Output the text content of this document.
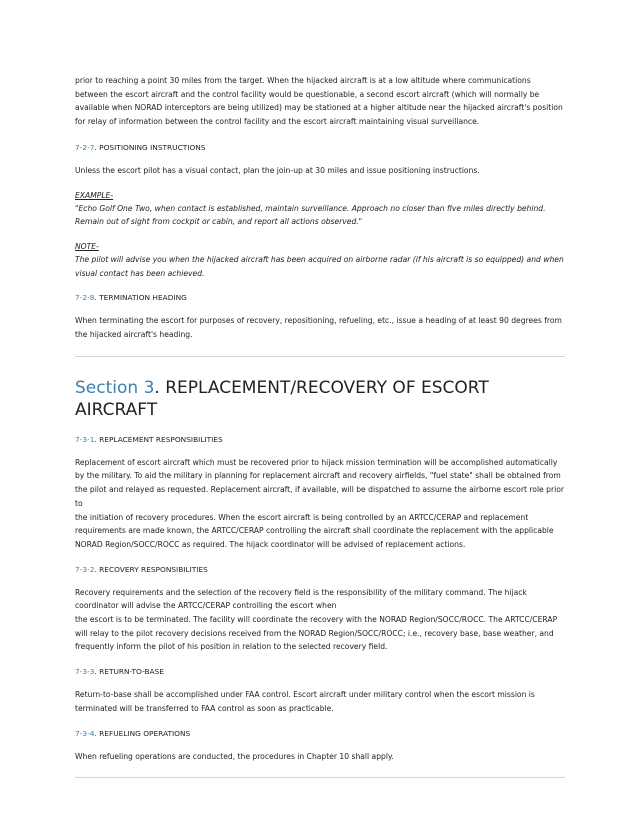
prior to reaching a point 30 miles from the target. When the hijacked aircraft is at a low altitude where communications between the escort aircraft and the control facility would be questionable, a second escort aircraft (which will normally be available when NORAD interceptors are being utilized) may be stationed at a higher altitude near the hijacked aircraft's position for relay of information between the control facility and the escort aircraft maintaining visual surveillance.

7-2-7. POSITIONING INSTRUCTIONS

Unless the escort pilot has a visual contact, plan the join-up at 30 miles and issue positioning instructions.

EXAMPLE-

"Echo Golf One Two, when contact is established, maintain surveillance. Approach no closer than five miles directly behind. Remain out of sight from cockpit or cabin, and report all actions observed."

NOTE-

The pilot will advise you when the hijacked aircraft has been acquired on airborne radar (if his aircraft is so equipped) and when visual contact has been achieved.

7-2-8. TERMINATION HEADING

When terminating the escort for purposes of recovery, repositioning, refueling, etc., issue a heading of at least 90 degrees from the hijacked aircraft's heading.

Section 3. REPLACEMENT/RECOVERY OF ESCORT AIRCRAFT
7-3-1. REPLACEMENT RESPONSIBILITIES

Replacement of escort aircraft which must be recovered prior to hijack mission termination will be accomplished automatically by the military. To aid the military in planning for replacement aircraft and recovery airfields, "fuel state" shall be obtained from the pilot and relayed as requested. Replacement aircraft, if available, will be dispatched to assume the airborne escort role prior to

the initiation of recovery procedures. When the escort aircraft is being controlled by an ARTCC/CERAP and replacement requirements are made known, the ARTCC/CERAP controlling the aircraft shall coordinate the replacement with the applicable NORAD Region/SOCC/ROCC as required. The hijack coordinator will be advised of replacement actions.

7-3-2. RECOVERY RESPONSIBILITIES

Recovery requirements and the selection of the recovery field is the responsibility of the military command. The hijack coordinator will advise the ARTCC/CERAP controlling the escort when

the escort is to be terminated. The facility will coordinate the recovery with the NORAD Region/SOCC/ROCC. The ARTCC/CERAP will relay to the pilot recovery decisions received from the NORAD Region/SOCC/ROCC; i.e., recovery base, base weather, and frequently inform the pilot of his position in relation to the selected recovery field.

7-3-3. RETURN-TO-BASE

Return-to-base shall be accomplished under FAA control. Escort aircraft under military control when the escort mission is terminated will be transferred to FAA control as soon as practicable.

7-3-4. REFUELING OPERATIONS

When refueling operations are conducted, the procedures in Chapter 10 shall apply.
